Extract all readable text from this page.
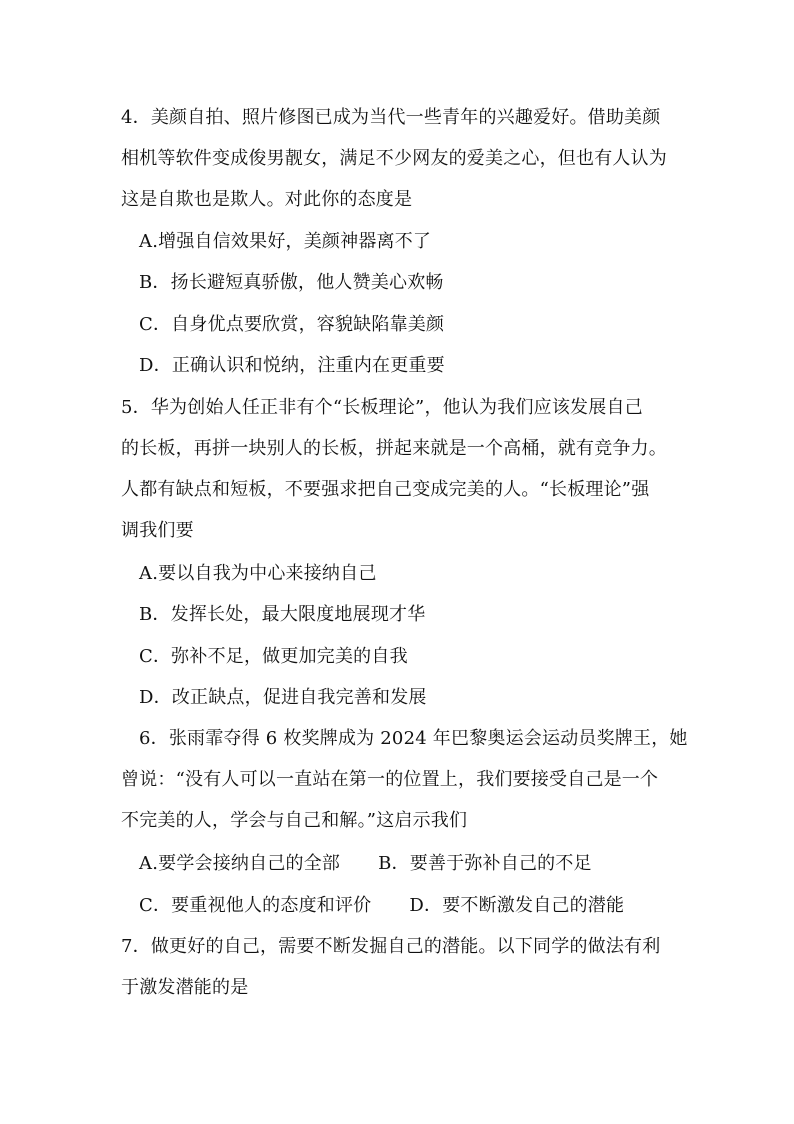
4．美颜自拍、照片修图已成为当代一些青年的兴趣爱好。借助美颜
相机等软件变成俊男靓女，满足不少网友的爱美之心，但也有人认为
这是自欺也是欺人。对此你的态度是
A.增强自信效果好，美颜神器离不了
B．扬长避短真骄傲，他人赞美心欢畅
C．自身优点要欣赏，容貌缺陷靠美颜
D．正确认识和悦纳，注重内在更重要
5．华为创始人任正非有个“长板理论”，他认为我们应该发展自己
的长板，再拼一块别人的长板，拼起来就是一个高桶，就有竞争力。
人都有缺点和短板，不要强求把自己变成完美的人。“长板理论”强
调我们要
A.要以自我为中心来接纳自己
B．发挥长处，最大限度地展现才华
C．弥补不足，做更加完美的自我
D．改正缺点，促进自我完善和发展
6．张雨霏夺得 6 枚奖牌成为 2024 年巴黎奥运会运动员奖牌王，她
曾说：“没有人可以一直站在第一的位置上，我们要接受自己是一个
不完美的人，学会与自己和解。”这启示我们
A.要学会接纳自己的全部 B．要善于弥补自己的不足
C．要重视他人的态度和评价 D．要不断激发自己的潜能
7．做更好的自己，需要不断发掘自己的潜能。以下同学的做法有利
于激发潜能的是
